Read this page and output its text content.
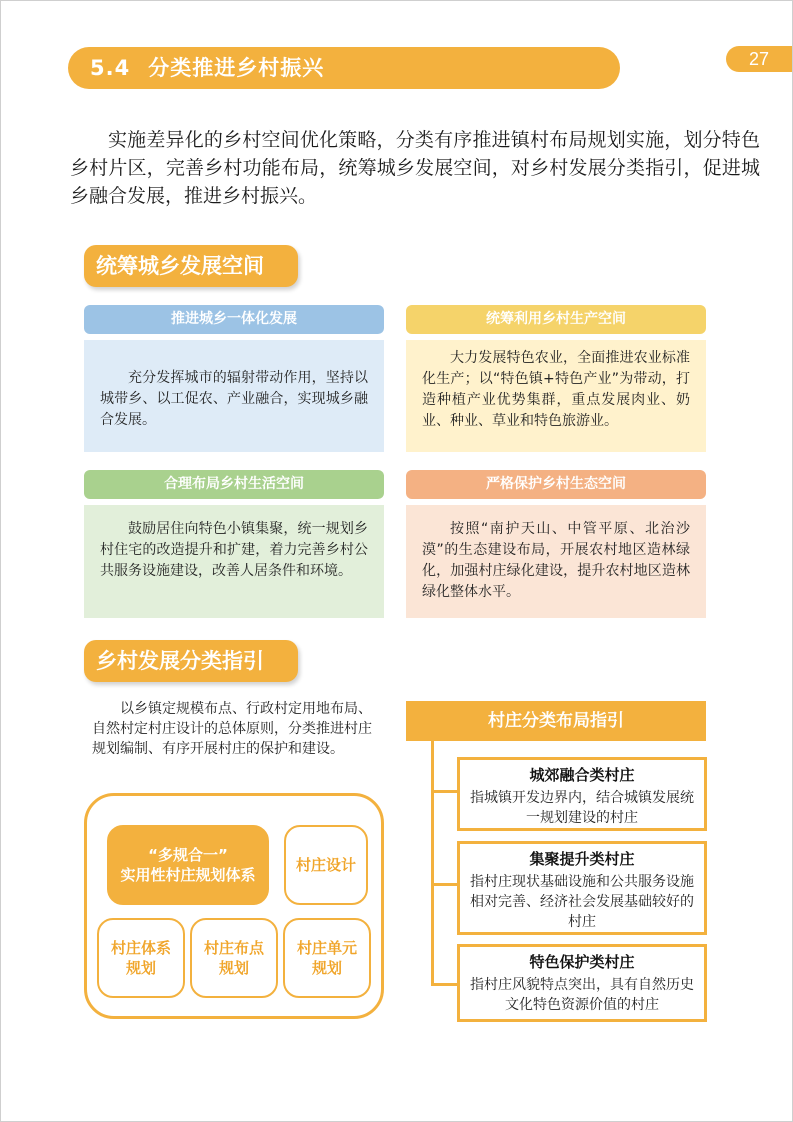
5.4 分类推进乡村振兴	27

实施差异化的乡村空间优化策略，分类有序推进镇村布局规划实施，划分特色乡村片区，完善乡村功能布局，统筹城乡发展空间，对乡村发展分类指引，促进城乡融合发展，推进乡村振兴。

统筹城乡发展空间
推进城乡一体化发展
充分发挥城市的辐射带动作用，坚持以城带乡、以工促农、产业融合，实现城乡融合发展。
统筹利用乡村生产空间
大力发展特色农业，全面推进农业标准化生产；以“特色镇+特色产业”为带动，打造种植产业优势集群，重点发展肉业、奶业、种业、草业和特色旅游业。
合理布局乡村生活空间
鼓励居住向特色小镇集聚，统一规划乡村住宅的改造提升和扩建，着力完善乡村公共服务设施建设，改善人居条件和环境。
严格保护乡村生态空间
按照“南护天山、中管平原、北治沙漠”的生态建设布局，开展农村地区造林绿化，加强村庄绿化建设，提升农村地区造林绿化整体水平。
乡村发展分类指引

以乡镇定规模布点、行政村定用地布局、自然村定村庄设计的总体原则，分类推进村庄规划编制、有序开展村庄的保护和建设。

“多规合一”
实用性村庄规划体系
村庄设计
村庄体系
规划
村庄布点
规划
村庄单元
规划
村庄分类布局指引
城郊融合类村庄
指城镇开发边界内，结合城镇发展统一规划建设的村庄
集聚提升类村庄
指村庄现状基础设施和公共服务设施相对完善、经济社会发展基础较好的村庄
特色保护类村庄
指村庄风貌特点突出，具有自然历史文化特色资源价值的村庄
